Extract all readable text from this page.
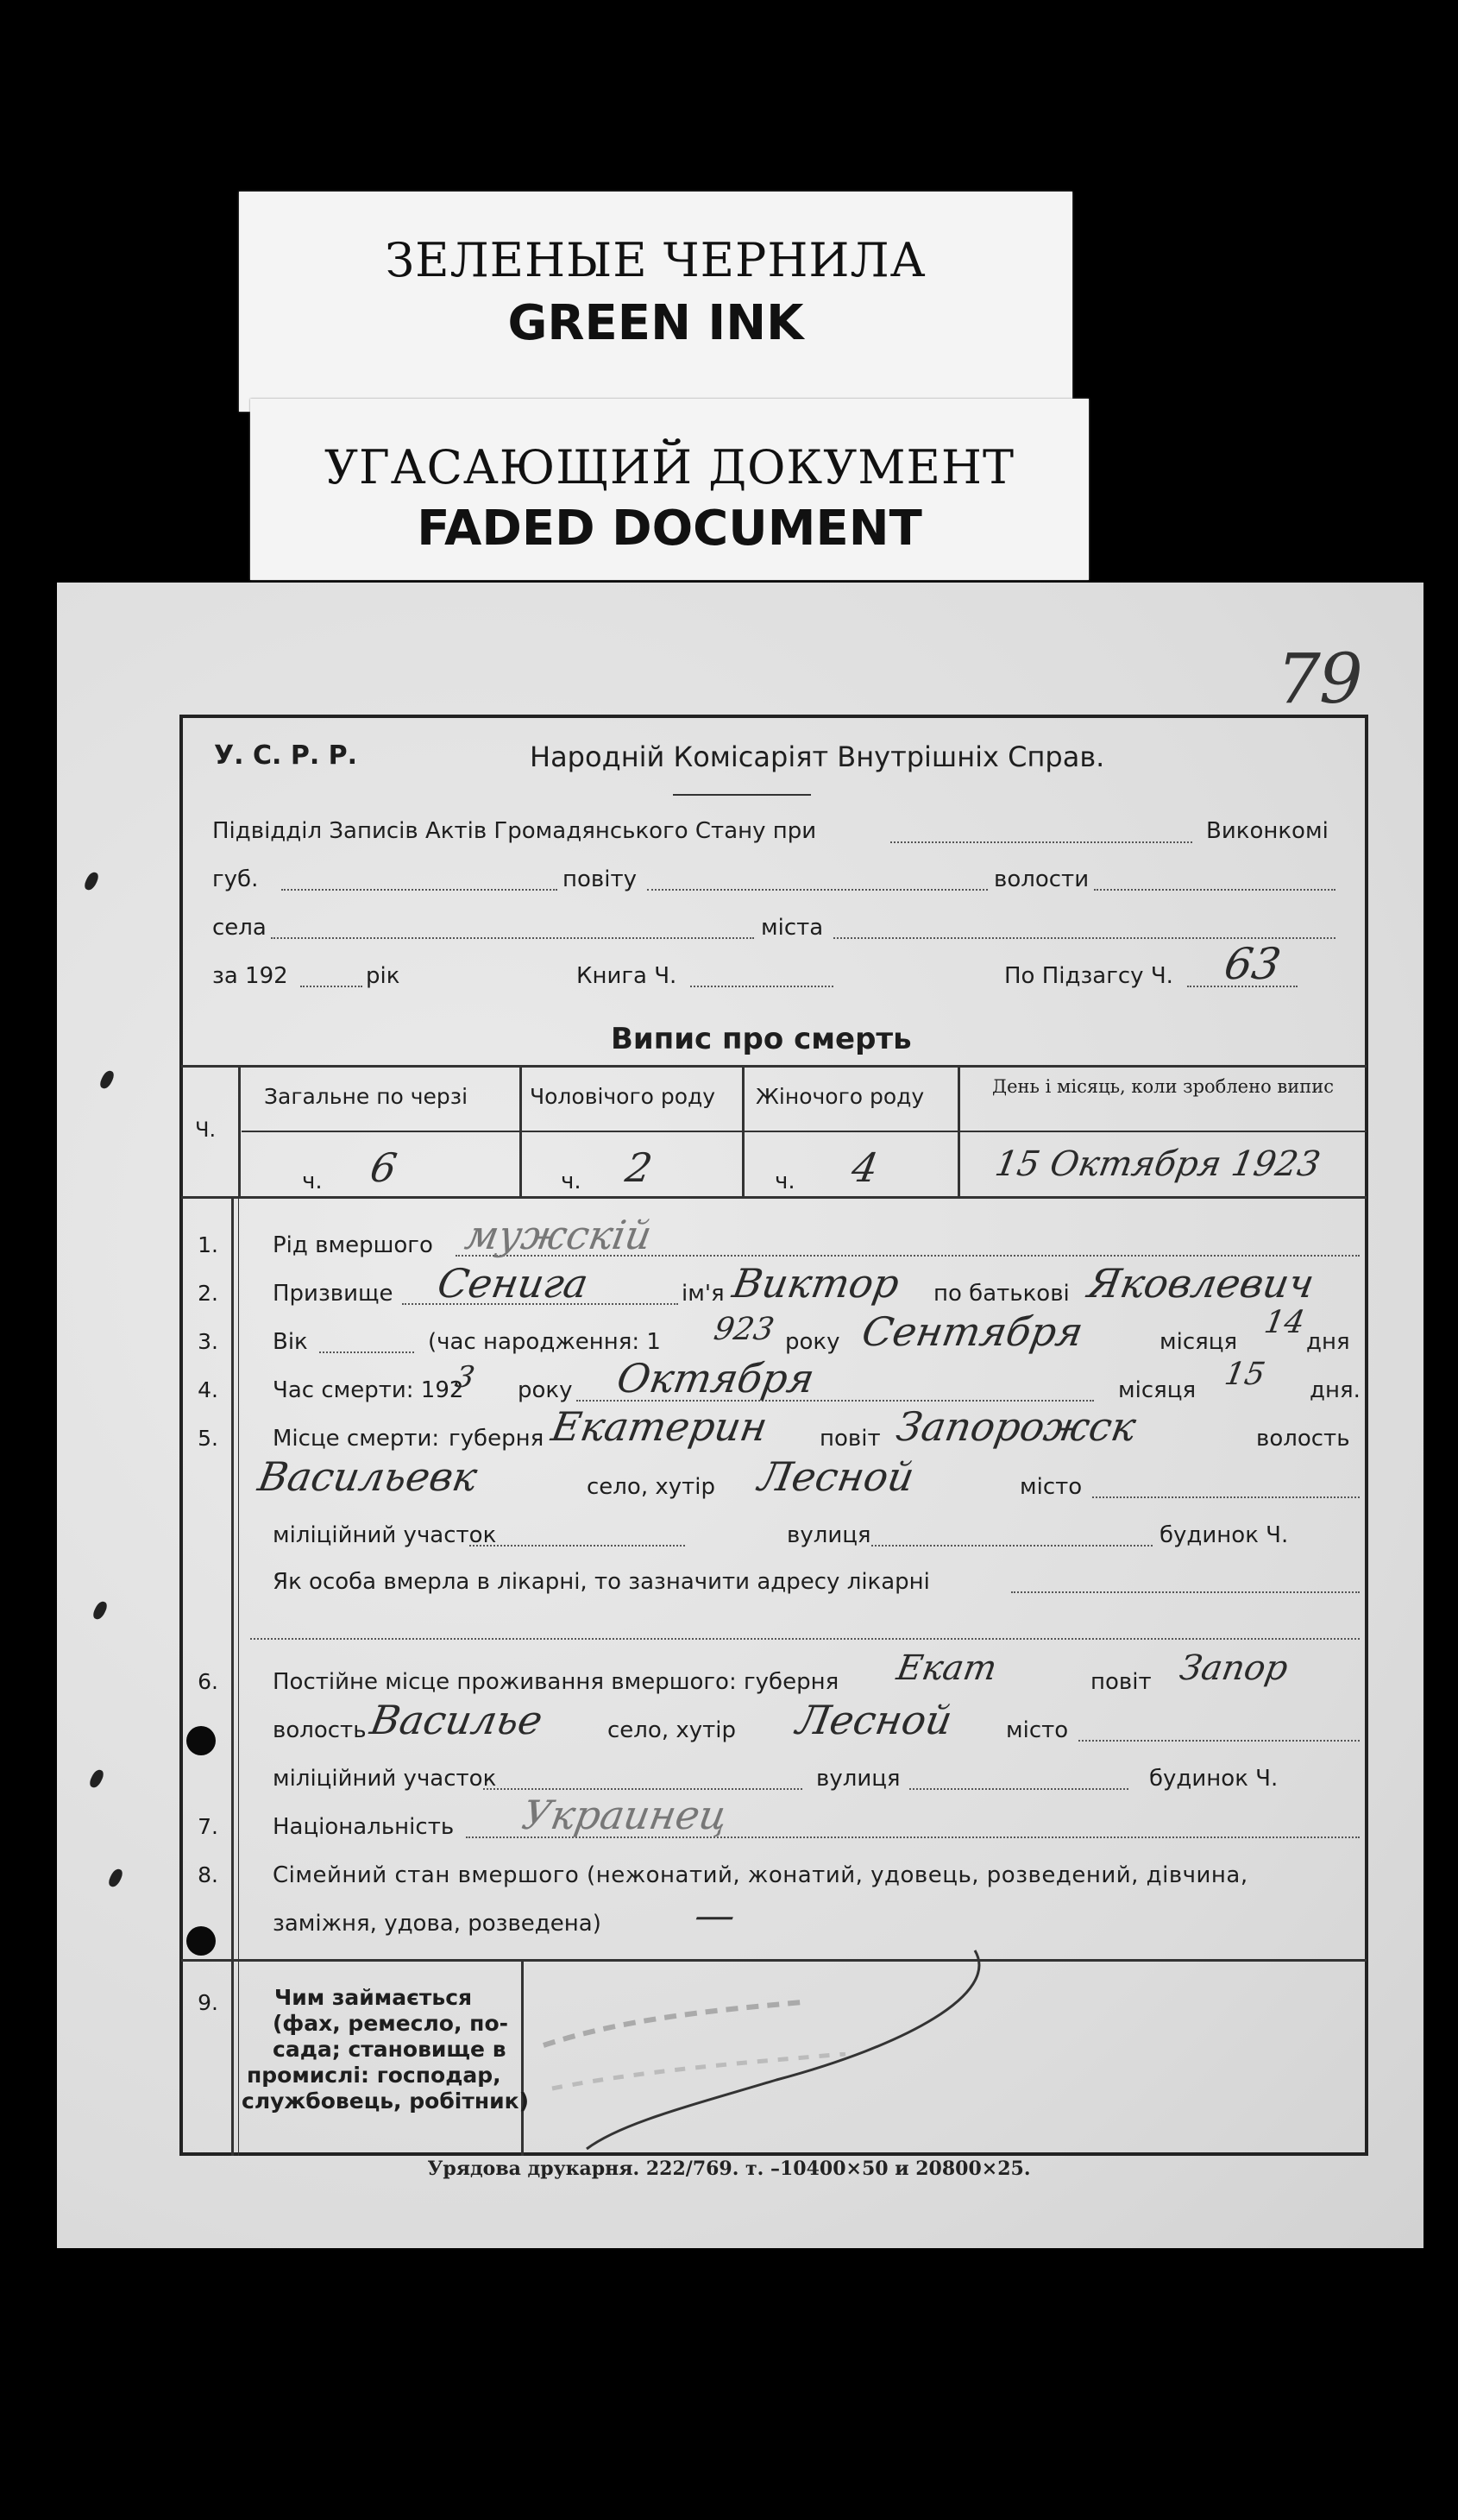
ЗЕЛЕНЫЕ ЧЕРНИЛА
GREEN INK
УГАСАЮЩИЙ ДОКУМЕНТ
FADED DOCUMENT
79
У. С. Р. Р.	Народній Комісаріят Внутрішніх Справ.
Підвідділ Записів Актів Громадянського Стану при	Виконкомі
губ.	повіту	волости
села	міста
за 192	рік	Книга Ч.	По Підзагсу Ч. 63
Випис про смерть
Ч.
Загальне по черзі	Чоловічого роду Жіночого роду	День і місяць, коли зроблено випис
ч. 6	ч. 2	ч. 4	15 Октября 1923
1.	Рід вмершого мужскій
2.	Призвище Сенига	ім'я Виктор по батькові Яковлевич
3.	Вік	(час народження: 1 923 року Сентября	місяця
14
дня
4.	Час смерти: 192
3 року Октября	місяця 15 дня.
5.	Місце смерти: губерня Екатерин повіт Запорожск	волость
Васильевк	село, хутір Лесной	місто
міліційний участок	вулиця	будинок Ч.
Як особа вмерла в лікарні, то зазначити адресу лікарні
6.	Постійне місце проживання вмершого: губерня Екат	повіт Запор
волость Василье	село, хутір Лесной місто
міліційний участок	вулиця	будинок Ч.
7.	Національність Украинец
8.	Сімейний стан вмершого (нежонатий, жонатий, удовець, розведений, дівчина,
заміжня, удова, розведена) —
9.	Чим займається
(фах, ремесло, по-
сада; становище в
промислі: господар,
службовець, робітник)
Урядова друкарня. 222/769. т. –10400×50 и 20800×25.
